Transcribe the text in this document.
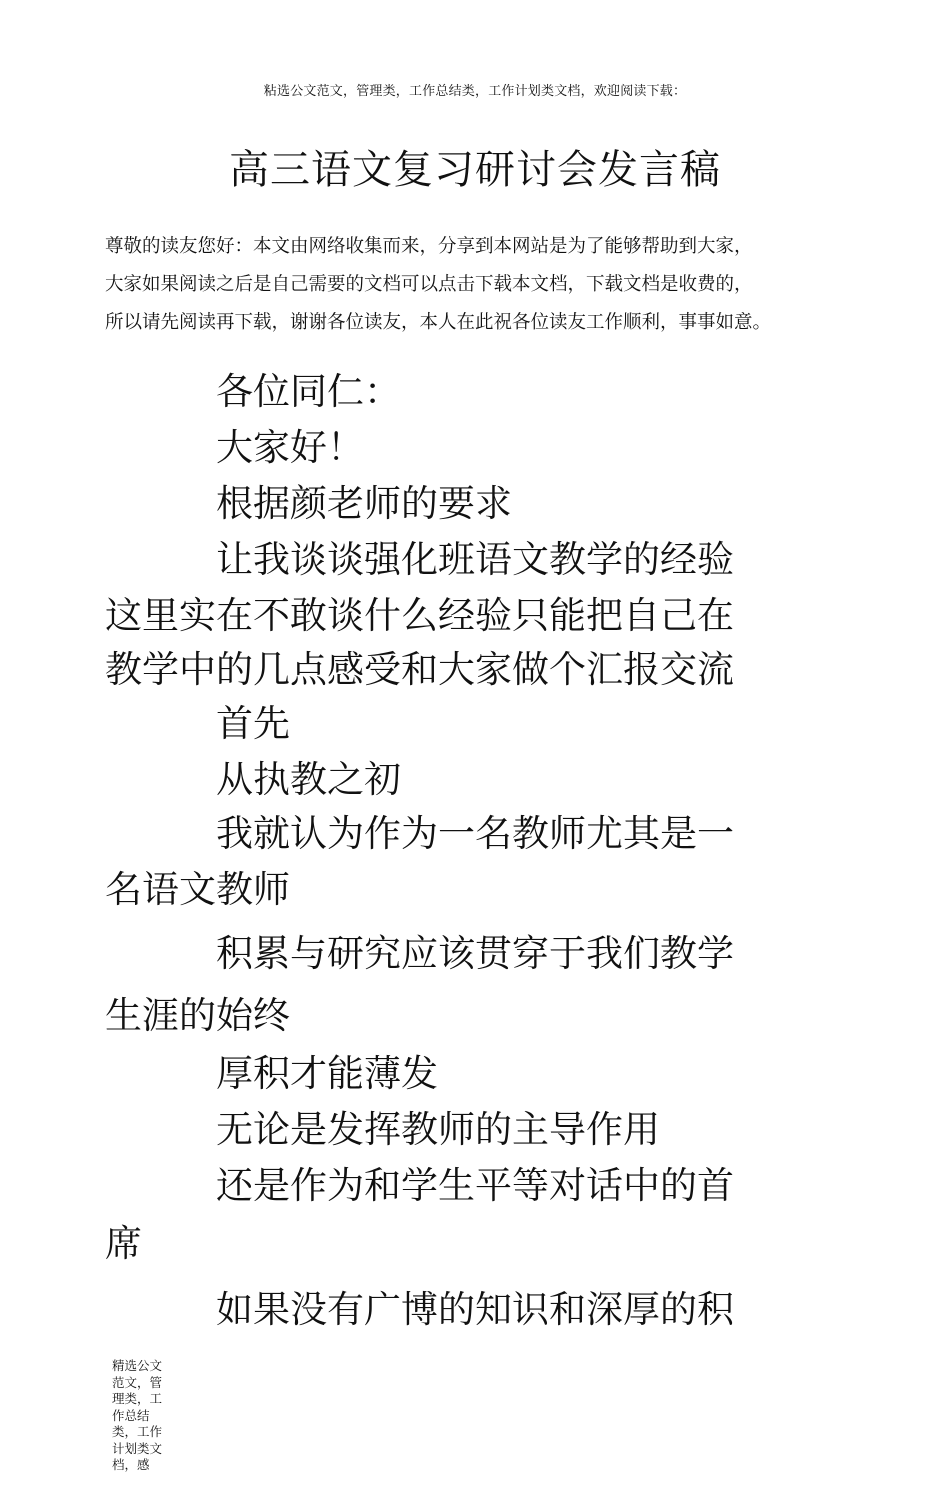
粘选公文范文，管理类，工作总结类，工作计划类文档，欢迎阅读下载：
高三语文复习研讨会发言稿
尊敬的读友您好：本文由网络收集而来，分享到本网站是为了能够帮助到大家，
大家如果阅读之后是自己需要的文档可以点击下载本文档，下载文档是收费的，
所以请先阅读再下载，谢谢各位读友，本人在此祝各位读友工作顺利，事事如意。
　　　各位同仁：
　　　大家好！
　　　根据颜老师的要求
　　　让我谈谈强化班语文教学的经验
这里实在不敢谈什么经验只能把自己在
教学中的几点感受和大家做个汇报交流
　　　首先
　　　从执教之初
　　　我就认为作为一名教师尤其是一
名语文教师
　　　积累与研究应该贯穿于我们教学
生涯的始终
　　　厚积才能薄发
　　　无论是发挥教师的主导作用
　　　还是作为和学生平等对话中的首
席
　　　如果没有广博的知识和深厚的积
精选公文范文，管理类，工作总结类，工作计划类文档，感
